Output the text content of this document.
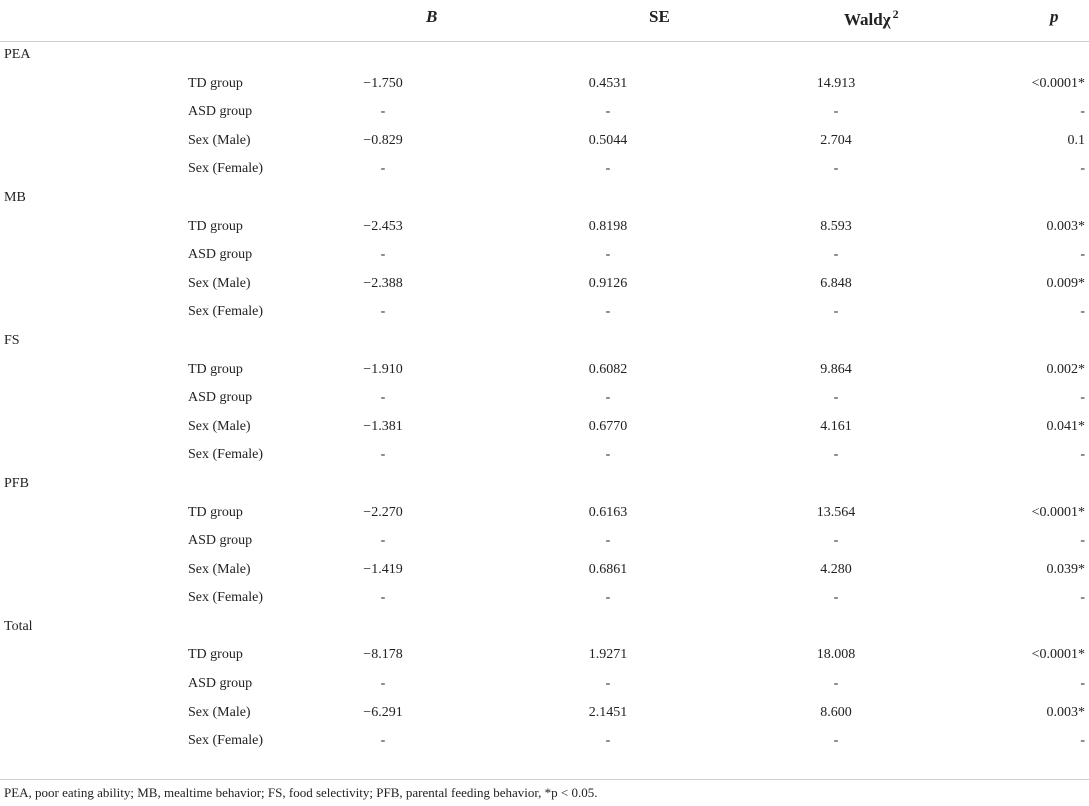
B	SE	Waldχ $^2$	p
PEA
TD group	−1.750	0.4531	14.913	<0.0001*
ASD group	-	-	-	-
Sex (Male)	−0.829	0.5044	2.704	0.1
Sex (Female)	-	-	-	-
MB
TD group	−2.453	0.8198	8.593	0.003*
ASD group	-	-	-	-
Sex (Male)	−2.388	0.9126	6.848	0.009*
Sex (Female)	-	-	-	-
FS
TD group	−1.910	0.6082	9.864	0.002*
ASD group	-	-	-	-
Sex (Male)	−1.381	0.6770	4.161	0.041*
Sex (Female)	-	-	-	-
PFB
TD group	−2.270	0.6163	13.564	<0.0001*
ASD group	-	-	-	-
Sex (Male)	−1.419	0.6861	4.280	0.039*
Sex (Female)	-	-	-	-
Total
TD group	−8.178	1.9271	18.008	<0.0001*
ASD group	-	-	-	-
Sex (Male)	−6.291	2.1451	8.600	0.003*
Sex (Female)	-	-	-	-
PEA, poor eating ability; MB, mealtime behavior; FS, food selectivity; PFB, parental feeding behavior, *p < 0.05.
